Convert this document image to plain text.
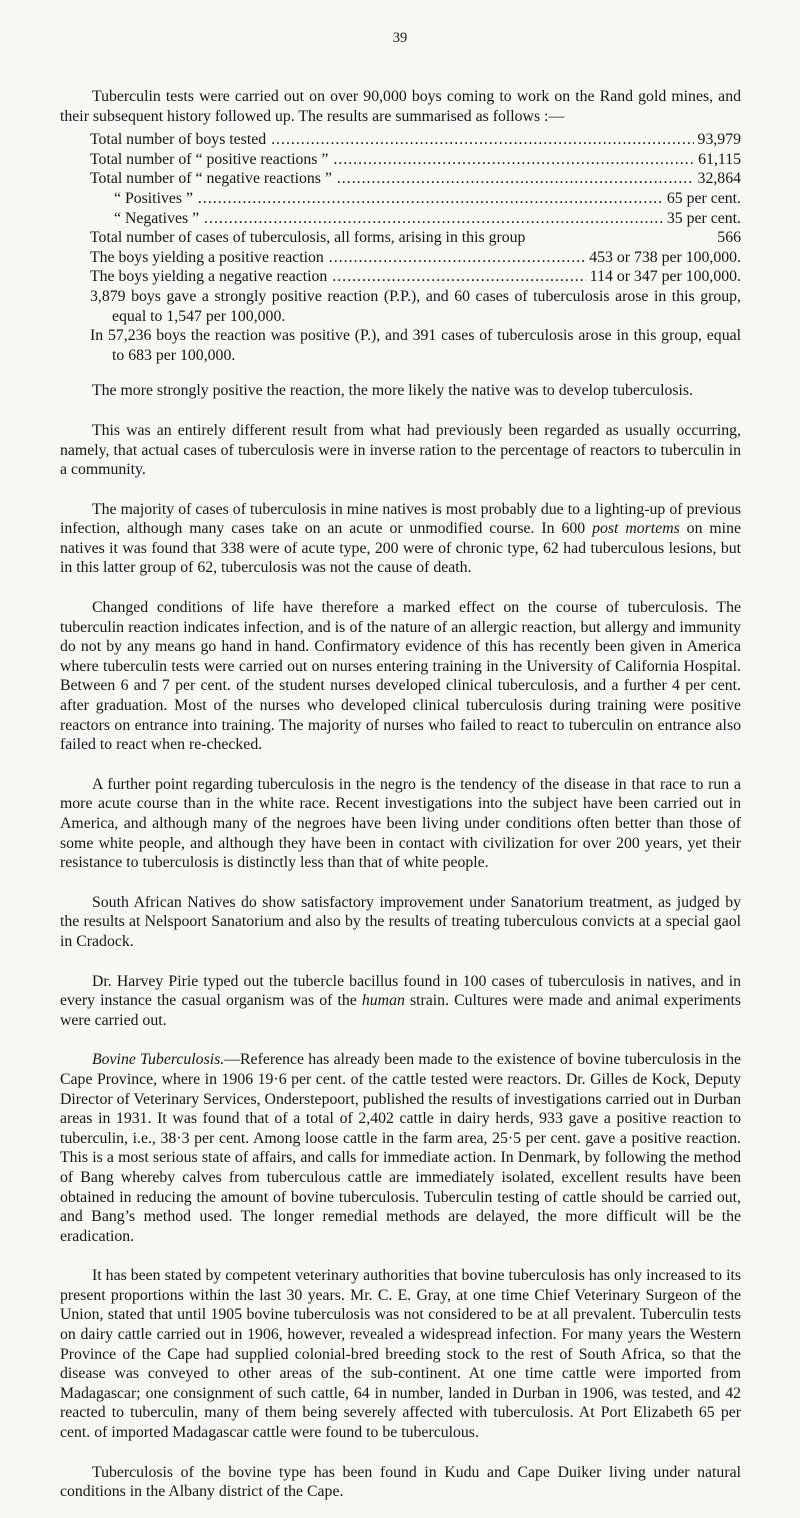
39

Tuberculin tests were carried out on over 90,000 boys coming to work on the Rand gold mines, and their subsequent history followed up. The results are summarised as follows :—

Total number of boys tested .....	93,979
Total number of “ positive reactions ” .....	61,115
Total number of “ negative reactions ” .....	32,864
“ Positives ” .....	65 per cent.
“ Negatives ” .....	35 per cent.
Total number of cases of tuberculosis, all forms, arising in this group	566
The boys yielding a positive reaction .....	453 or 738 per 100,000.
The boys yielding a negative reaction .....	114 or 347 per 100,000.
3,879 boys gave a strongly positive reaction (P.P.), and 60 cases of tuberculosis arose in this group, equal to 1,547 per 100,000.
In 57,236 boys the reaction was positive (P.), and 391 cases of tuberculosis arose in this group, equal to 683 per 100,000.

The more strongly positive the reaction, the more likely the native was to develop tuberculosis.

This was an entirely different result from what had previously been regarded as usually occurring, namely, that actual cases of tuberculosis were in inverse ration to the percentage of reactors to tuberculin in a community.

The majority of cases of tuberculosis in mine natives is most probably due to a lighting-up of previous infection, although many cases take on an acute or unmodified course. In 600 post mortems on mine natives it was found that 338 were of acute type, 200 were of chronic type, 62 had tuberculous lesions, but in this latter group of 62, tuberculosis was not the cause of death.

Changed conditions of life have therefore a marked effect on the course of tuberculosis. The tuberculin reaction indicates infection, and is of the nature of an allergic reaction, but allergy and immunity do not by any means go hand in hand. Confirmatory evidence of this has recently been given in America where tuberculin tests were carried out on nurses entering training in the University of California Hospital. Between 6 and 7 per cent. of the student nurses developed clinical tuberculosis, and a further 4 per cent. after graduation. Most of the nurses who developed clinical tuberculosis during training were positive reactors on entrance into training. The majority of nurses who failed to react to tuberculin on entrance also failed to react when re-checked.

A further point regarding tuberculosis in the negro is the tendency of the disease in that race to run a more acute course than in the white race. Recent investigations into the subject have been carried out in America, and although many of the negroes have been living under conditions often better than those of some white people, and although they have been in contact with civilization for over 200 years, yet their resistance to tuberculosis is distinctly less than that of white people.

South African Natives do show satisfactory improvement under Sanatorium treatment, as judged by the results at Nelspoort Sanatorium and also by the results of treating tuberculous convicts at a special gaol in Cradock.

Dr. Harvey Pirie typed out the tubercle bacillus found in 100 cases of tuberculosis in natives, and in every instance the casual organism was of the human strain. Cultures were made and animal experiments were carried out.

Bovine Tuberculosis.—Reference has already been made to the existence of bovine tuberculosis in the Cape Province, where in 1906 19·6 per cent. of the cattle tested were reactors. Dr. Gilles de Kock, Deputy Director of Veterinary Services, Onderstepoort, published the results of investigations carried out in Durban areas in 1931. It was found that of a total of 2,402 cattle in dairy herds, 933 gave a positive reaction to tuberculin, i.e., 38·3 per cent. Among loose cattle in the farm area, 25·5 per cent. gave a positive reaction. This is a most serious state of affairs, and calls for immediate action. In Denmark, by following the method of Bang whereby calves from tuberculous cattle are immediately isolated, excellent results have been obtained in reducing the amount of bovine tuberculosis. Tuberculin testing of cattle should be carried out, and Bang’s method used. The longer remedial methods are delayed, the more difficult will be the eradication.

It has been stated by competent veterinary authorities that bovine tuberculosis has only increased to its present proportions within the last 30 years. Mr. C. E. Gray, at one time Chief Veterinary Surgeon of the Union, stated that until 1905 bovine tuberculosis was not considered to be at all prevalent. Tuberculin tests on dairy cattle carried out in 1906, however, revealed a widespread infection. For many years the Western Province of the Cape had supplied colonial-bred breeding stock to the rest of South Africa, so that the disease was conveyed to other areas of the sub-continent. At one time cattle were imported from Madagascar; one consignment of such cattle, 64 in number, landed in Durban in 1906, was tested, and 42 reacted to tuberculin, many of them being severely affected with tuberculosis. At Port Elizabeth 65 per cent. of imported Madagascar cattle were found to be tuberculous.

Tuberculosis of the bovine type has been found in Kudu and Cape Duiker living under natural conditions in the Albany district of the Cape.
